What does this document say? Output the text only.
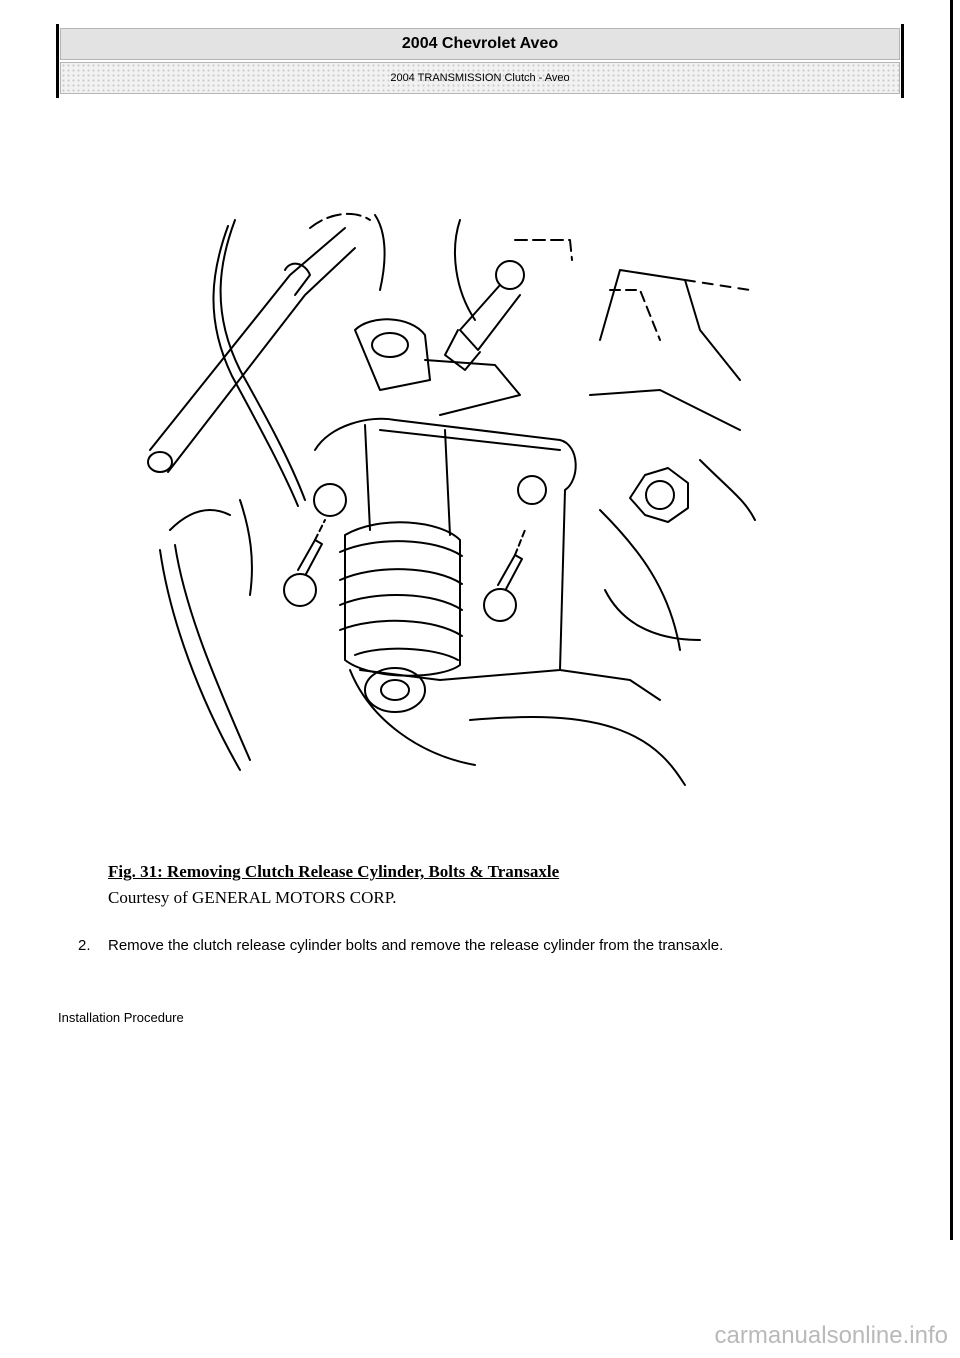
2004 Chevrolet Aveo
2004 TRANSMISSION Clutch - Aveo
Fig. 31: Removing Clutch Release Cylinder, Bolts & Transaxle
Courtesy of GENERAL MOTORS CORP.
2. Remove the clutch release cylinder bolts and remove the release cylinder from the transaxle.
Installation Procedure
carmanualsonline.info
